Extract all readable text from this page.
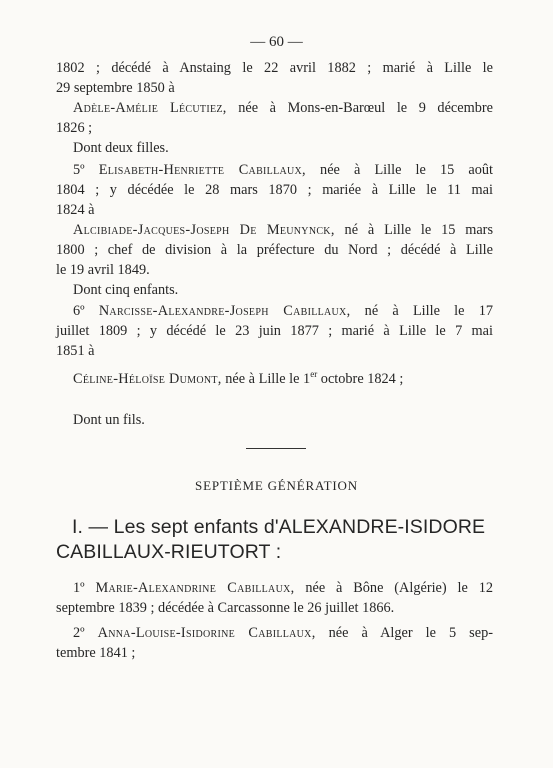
— 60 —
1802 ; décédé à Anstaing le 22 avril 1882 ; marié à Lille le
29 septembre 1850 à
Adèle-Amélie Lécutiez, née à Mons-en-Barœul le 9 décembre
1826 ;
Dont deux filles.
5º Elisabeth-Henriette Cabillaux, née à Lille le 15 août
1804 ; y décédée le 28 mars 1870 ; mariée à Lille le 11 mai
1824 à
Alcibiade-Jacques-Joseph De Meunynck, né à Lille le 15 mars
1800 ; chef de division à la préfecture du Nord ; décédé à Lille
le 19 avril 1849.
Dont cinq enfants.
6º Narcisse-Alexandre-Joseph Cabillaux, né à Lille le 17
juillet 1809 ; y décédé le 23 juin 1877 ; marié à Lille le 7 mai
1851 à
Céline-Héloïse Dumont, née à Lille le 1er octobre 1824 ;
Dont un fils.
SEPTIÈME GÉNÉRATION
I. — Les sept enfants d'ALEXANDRE-ISIDORE
CABILLAUX-RIEUTORT :
1º Marie-Alexandrine Cabillaux, née à Bône (Algérie) le 12
septembre 1839 ; décédée à Carcassonne le 26 juillet 1866.
2º Anna-Louise-Isidorine Cabillaux, née à Alger le 5 sep-
tembre 1841 ;
